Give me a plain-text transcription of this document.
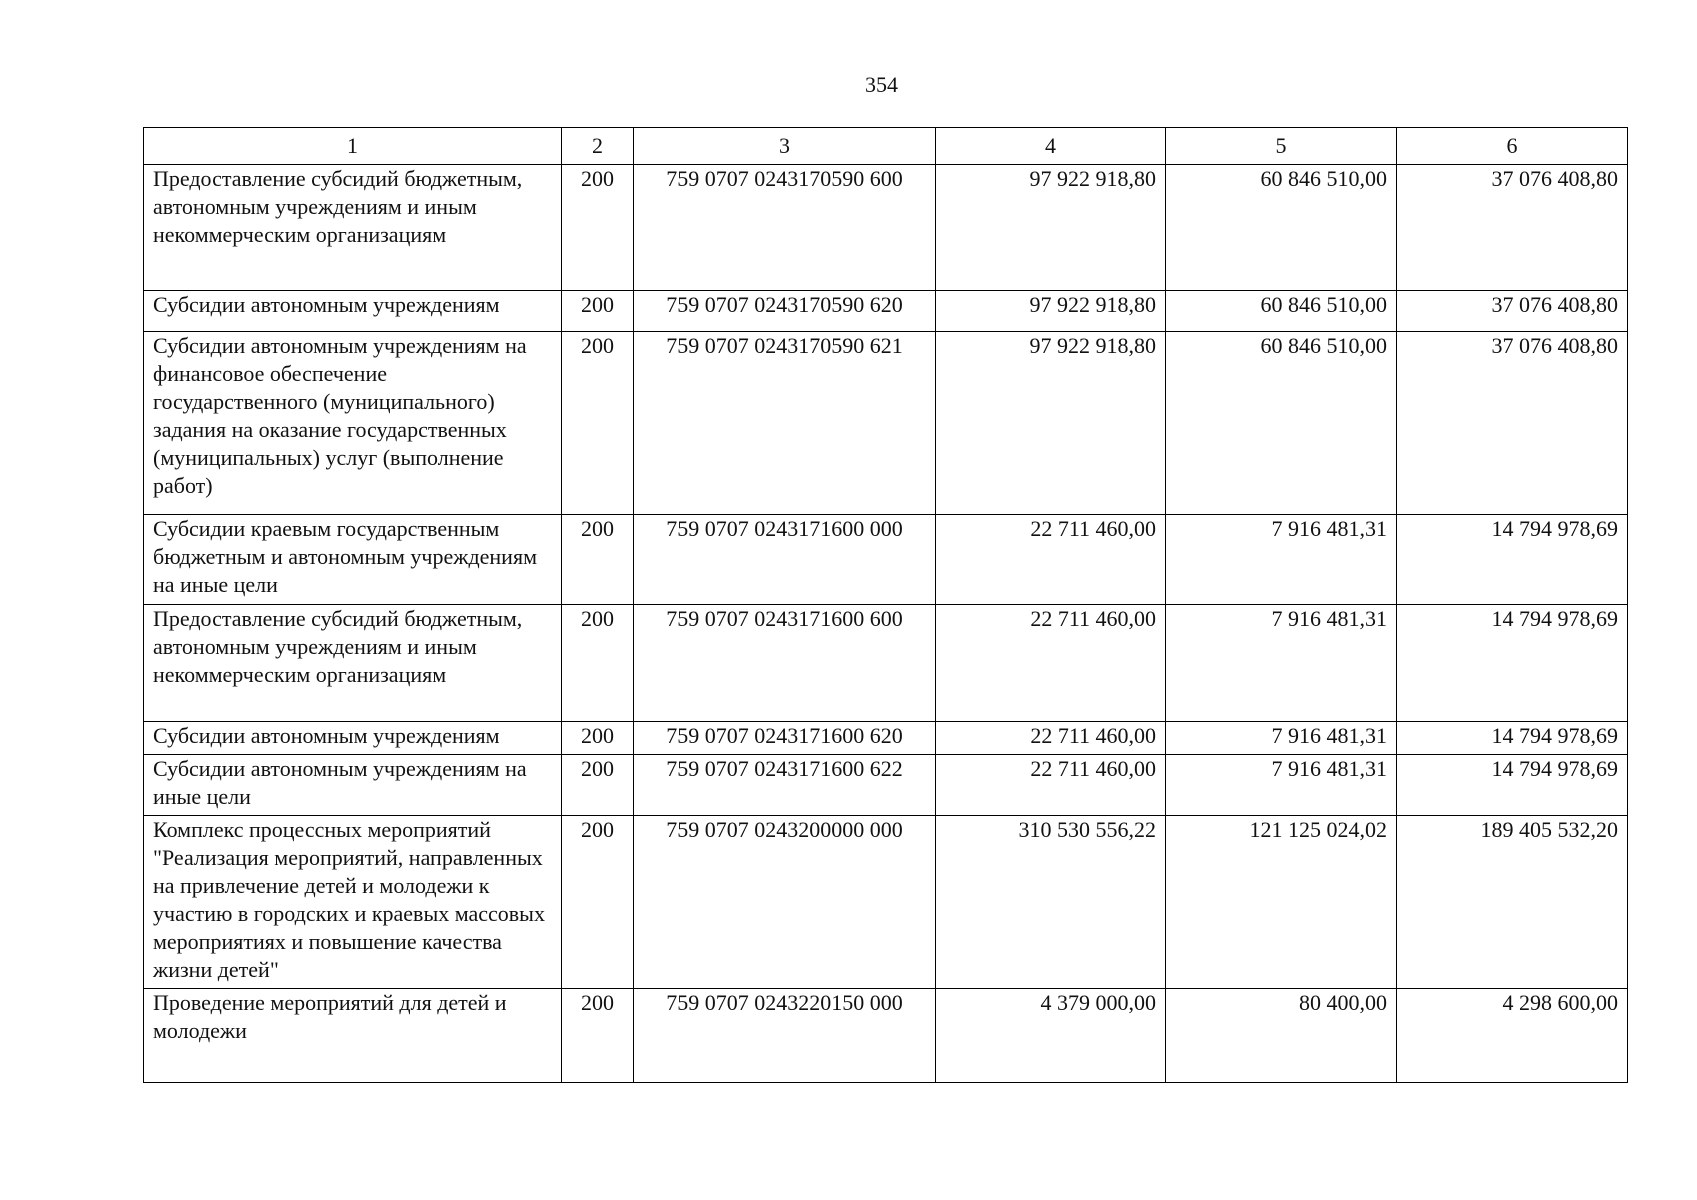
354
1	2	3	4	5	6
Предоставление субсидий бюджетным, автономным учреждениям и иным некоммерческим организациям	200	759 0707 0243170590 600	97 922 918,80	60 846 510,00	37 076 408,80
Субсидии автономным учреждениям	200	759 0707 0243170590 620	97 922 918,80	60 846 510,00	37 076 408,80
Субсидии автономным учреждениям на финансовое обеспечение государственного (муниципального) задания на оказание государственных (муниципальных) услуг (выполнение работ)	200	759 0707 0243170590 621	97 922 918,80	60 846 510,00	37 076 408,80
Субсидии краевым государственным бюджетным и автономным учреждениям на иные цели	200	759 0707 0243171600 000	22 711 460,00	7 916 481,31	14 794 978,69
Предоставление субсидий бюджетным, автономным учреждениям и иным некоммерческим организациям	200	759 0707 0243171600 600	22 711 460,00	7 916 481,31	14 794 978,69
Субсидии автономным учреждениям	200	759 0707 0243171600 620	22 711 460,00	7 916 481,31	14 794 978,69
Субсидии автономным учреждениям на иные цели	200	759 0707 0243171600 622	22 711 460,00	7 916 481,31	14 794 978,69
Комплекс процессных мероприятий "Реализация мероприятий, направленных на привлечение детей и молодежи к участию в городских и краевых массовых мероприятиях и повышение качества жизни детей"	200	759 0707 0243200000 000	310 530 556,22	121 125 024,02	189 405 532,20
Проведение мероприятий для детей и молодежи	200	759 0707 0243220150 000	4 379 000,00	80 400,00	4 298 600,00
